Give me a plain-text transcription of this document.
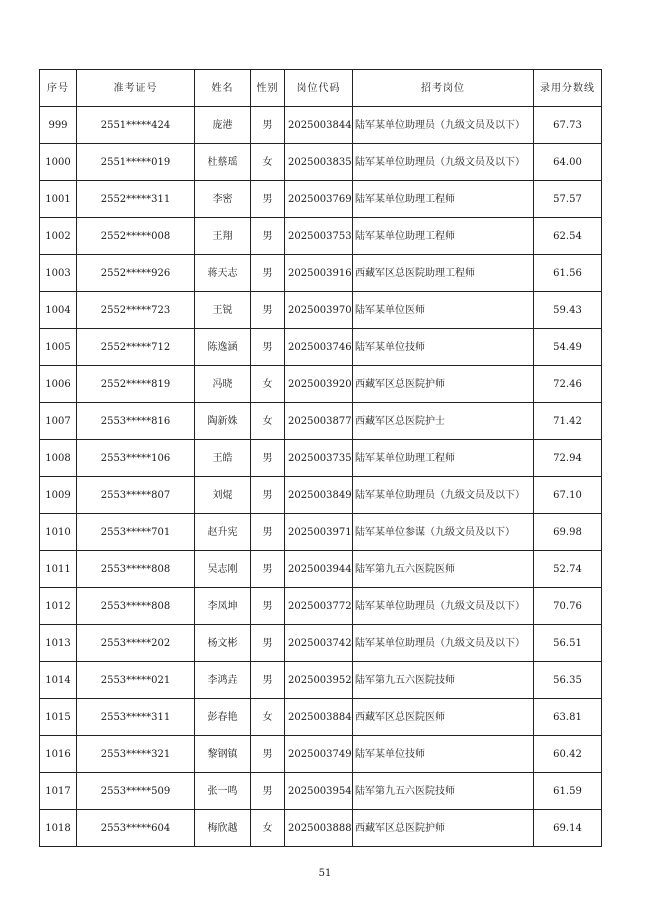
序号	准考证号	姓名	性别	岗位代码	招考岗位	录用分数线
999	2551*****424	庞港	男	2025003844	陆军某单位助理员（九级文员及以下）	67.73
1000	2551*****019	杜蔡瑶	女	2025003835	陆军某单位助理员（九级文员及以下）	64.00
1001	2552*****311	李密	男	2025003769	陆军某单位助理工程师	57.57
1002	2552*****008	王翔	男	2025003753	陆军某单位助理工程师	62.54
1003	2552*****926	蒋天志	男	2025003916	西藏军区总医院助理工程师	61.56
1004	2552*****723	王锐	男	2025003970	陆军某单位医师	59.43
1005	2552*****712	陈逸涵	男	2025003746	陆军某单位技师	54.49
1006	2552*****819	冯晓	女	2025003920	西藏军区总医院护师	72.46
1007	2553*****816	陶新姝	女	2025003877	西藏军区总医院护士	71.42
1008	2553*****106	王皓	男	2025003735	陆军某单位助理工程师	72.94
1009	2553*****807	刘焜	男	2025003849	陆军某单位助理员（九级文员及以下）	67.10
1010	2553*****701	赵升宪	男	2025003971	陆军某单位参谋（九级文员及以下）	69.98
1011	2553*****808	吴志刚	男	2025003944	陆军第九五六医院医师	52.74
1012	2553*****808	李凤坤	男	2025003772	陆军某单位助理员（九级文员及以下）	70.76
1013	2553*****202	杨文彬	男	2025003742	陆军某单位助理员（九级文员及以下）	56.51
1014	2553*****021	李鸿垚	男	2025003952	陆军第九五六医院技师	56.35
1015	2553*****311	彭春艳	女	2025003884	西藏军区总医院医师	63.81
1016	2553*****321	黎钢镇	男	2025003749	陆军某单位技师	60.42
1017	2553*****509	张一鸣	男	2025003954	陆军第九五六医院技师	61.59
1018	2553*****604	梅欣越	女	2025003888	西藏军区总医院护师	69.14
51
